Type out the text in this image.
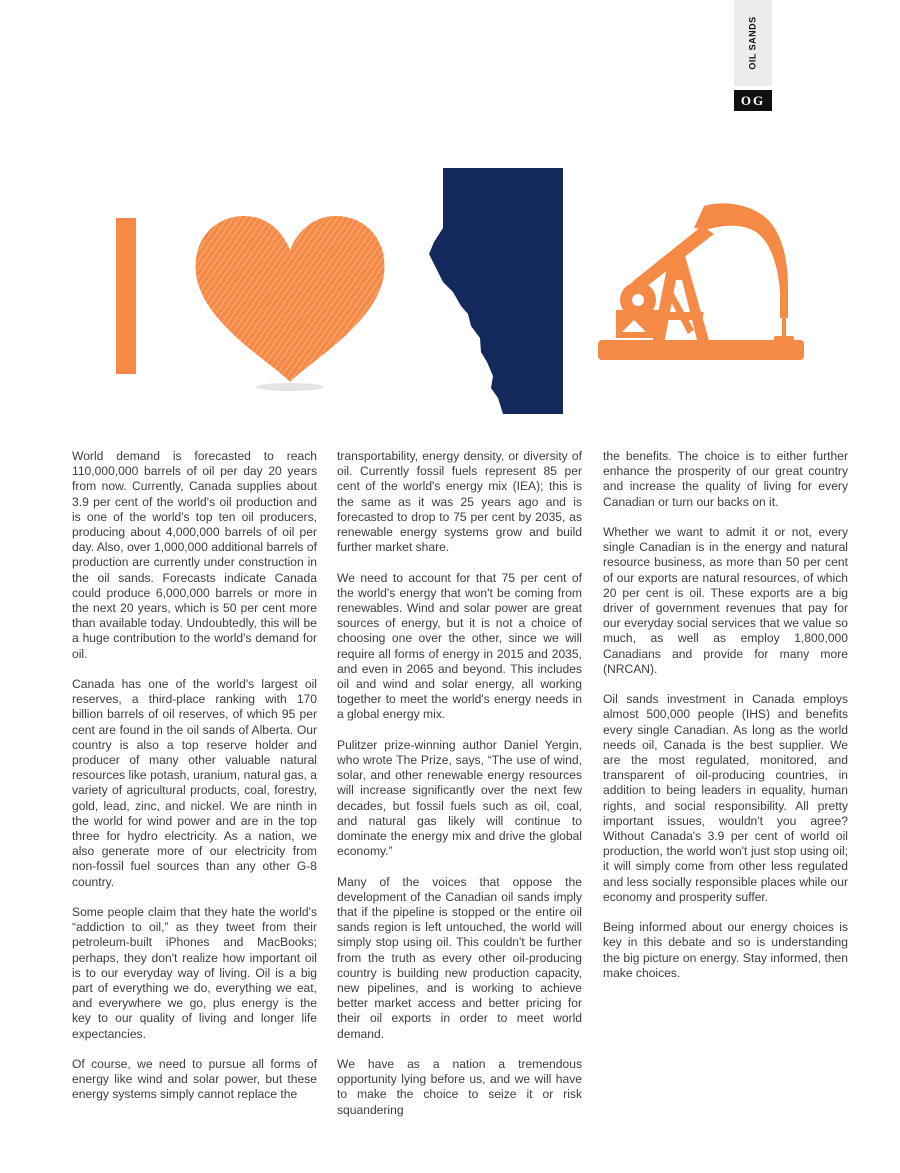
OIL SANDS
OG

World demand is forecasted to reach 110,000,000 barrels of oil per day 20 years from now. Currently, Canada supplies about 3.9 per cent of the world's oil production and is one of the world's top ten oil producers, producing about 4,000,000 barrels of oil per day. Also, over 1,000,000 additional barrels of production are currently under construction in the oil sands. Forecasts indicate Canada could produce 6,000,000 barrels or more in the next 20 years, which is 50 per cent more than available today. Undoubtedly, this will be a huge contribution to the world's demand for oil.

Canada has one of the world's largest oil reserves, a third-place ranking with 170 billion barrels of oil reserves, of which 95 per cent are found in the oil sands of Alberta. Our country is also a top reserve holder and producer of many other valuable natural resources like potash, uranium, natural gas, a variety of agricultural products, coal, forestry, gold, lead, zinc, and nickel. We are ninth in the world for wind power and are in the top three for hydro electricity. As a nation, we also generate more of our electricity from non-fossil fuel sources than any other G-8 country.

Some people claim that they hate the world's “addiction to oil,” as they tweet from their petroleum-built iPhones and MacBooks; perhaps, they don't realize how important oil is to our everyday way of living. Oil is a big part of everything we do, everything we eat, and everywhere we go, plus energy is the key to our quality of living and longer life expectancies.

Of course, we need to pursue all forms of energy like wind and solar power, but these energy systems simply cannot replace the

transportability, energy density, or diversity of oil. Currently fossil fuels represent 85 per cent of the world's energy mix (IEA); this is the same as it was 25 years ago and is forecasted to drop to 75 per cent by 2035, as renewable energy systems grow and build further market share.

We need to account for that 75 per cent of the world's energy that won't be coming from renewables. Wind and solar power are great sources of energy, but it is not a choice of choosing one over the other, since we will require all forms of energy in 2015 and 2035, and even in 2065 and beyond. This includes oil and wind and solar energy, all working together to meet the world's energy needs in a global energy mix.

Pulitzer prize-winning author Daniel Yergin, who wrote The Prize, says, “The use of wind, solar, and other renewable energy resources will increase significantly over the next few decades, but fossil fuels such as oil, coal, and natural gas likely will continue to dominate the energy mix and drive the global economy.”

Many of the voices that oppose the development of the Canadian oil sands imply that if the pipeline is stopped or the entire oil sands region is left untouched, the world will simply stop using oil. This couldn't be further from the truth as every other oil-producing country is building new production capacity, new pipelines, and is working to achieve better market access and better pricing for their oil exports in order to meet world demand.

We have as a nation a tremendous opportunity lying before us, and we will have to make the choice to seize it or risk squandering

the benefits. The choice is to either further enhance the prosperity of our great country and increase the quality of living for every Canadian or turn our backs on it.

Whether we want to admit it or not, every single Canadian is in the energy and natural resource business, as more than 50 per cent of our exports are natural resources, of which 20 per cent is oil. These exports are a big driver of government revenues that pay for our everyday social services that we value so much, as well as employ 1,800,000 Canadians and provide for many more (NRCAN).

Oil sands investment in Canada employs almost 500,000 people (IHS) and benefits every single Canadian. As long as the world needs oil, Canada is the best supplier. We are the most regulated, monitored, and transparent of oil-producing countries, in addition to being leaders in equality, human rights, and social responsibility. All pretty important issues, wouldn't you agree? Without Canada's 3.9 per cent of world oil production, the world won't just stop using oil; it will simply come from other less regulated and less socially responsible places while our economy and prosperity suffer.

Being informed about our energy choices is key in this debate and so is understanding the big picture on energy. Stay informed, then make choices.
